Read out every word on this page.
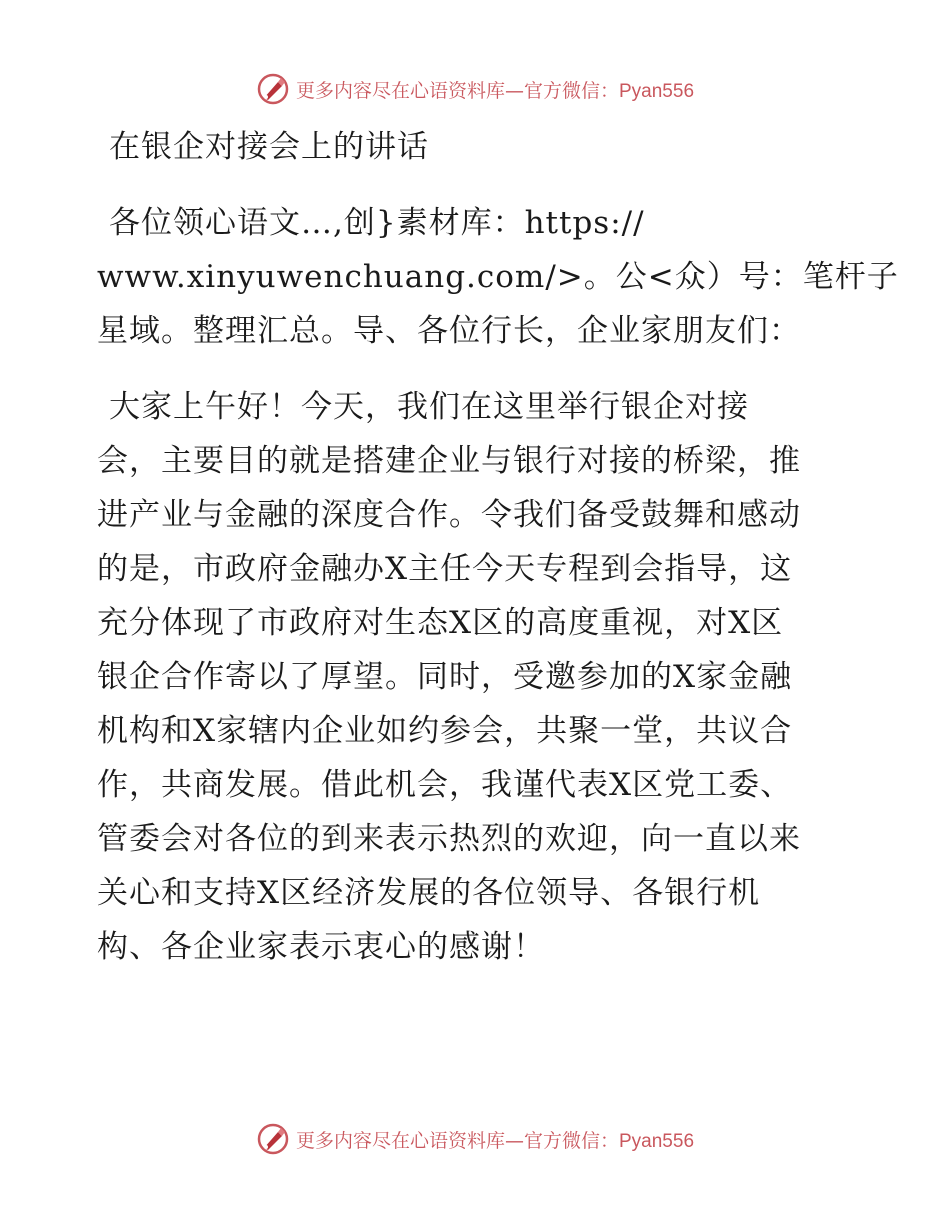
更多内容尽在心语资料库—官方微信：Pyan556
在银企对接会上的讲话
各位领心语文…,创}素材库：https://
www.xinyuwenchuang.com/>。公<众）号：笔杆子
星域。整理汇总。导、各位行长，企业家朋友们：
大家上午好！今天，我们在这里举行银企对接
会，主要目的就是搭建企业与银行对接的桥梁，推
进产业与金融的深度合作。令我们备受鼓舞和感动
的是，市政府金融办X主任今天专程到会指导，这
充分体现了市政府对生态X区的高度重视，对X区
银企合作寄以了厚望。同时，受邀参加的X家金融
机构和X家辖内企业如约参会，共聚一堂，共议合
作，共商发展。借此机会，我谨代表X区党工委、
管委会对各位的到来表示热烈的欢迎，向一直以来
关心和支持X区经济发展的各位领导、各银行机
构、各企业家表示衷心的感谢！
更多内容尽在心语资料库—官方微信：Pyan556
